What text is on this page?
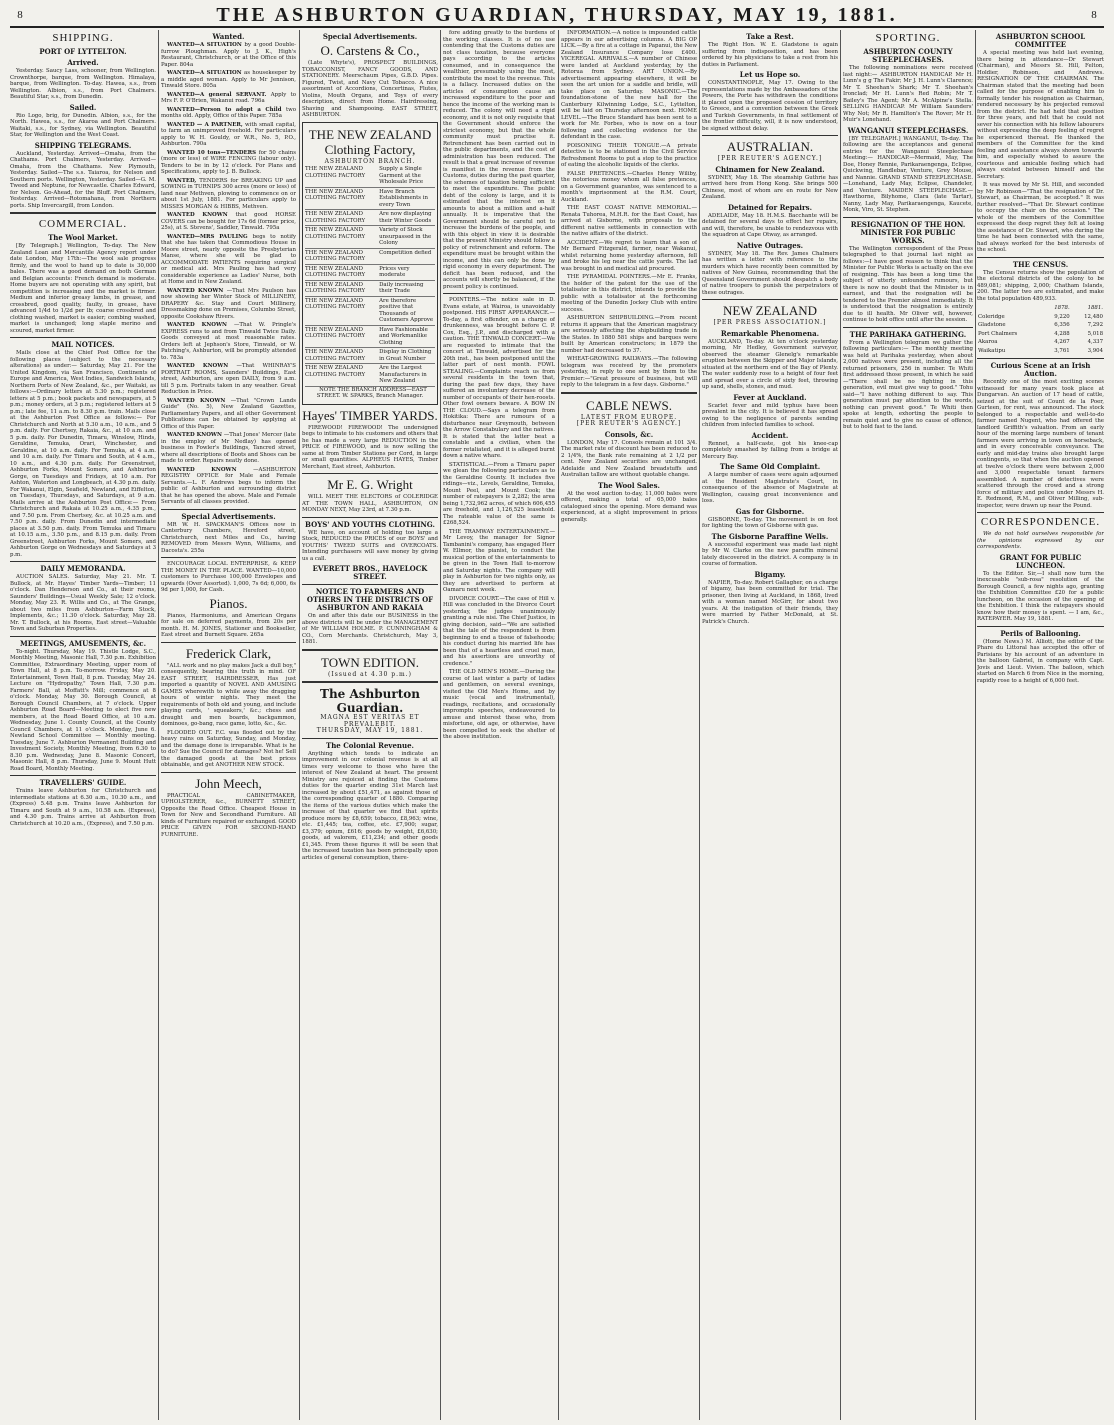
8	THE ASHBURTON GUARDIAN, THURSDAY, MAY 19, 1881.	8
SHIPPING.
PORT OF LYTTELTON.
Arrived.

Yesterday. Saucy Lass, schooner, from Wellington. Crownthorpe, barque, from Wellington. Himalaya, barque, from Wellington. To-day. Hawea, s.s., from Wellington. Albion, s.s., from Port Chalmers. Beautiful Star, s.s., from Dunedin.

Sailed.

Rio Logo, brig, for Dunedin. Albion, s.s., for the North. Hawea, s.s., for Akaroa and Port Chalmers. Waitaki, s.s., for Sydney, via Wellington. Beautiful Star, for Wellington and the West Coast.

SHIPPING TELEGRAMS.

Auckland, Yesterday. Arrived—Omaha, from the Chathams. Port Chalmers, Yesterday. Arrived—Omaha, from the Chathams. New Plymouth, Yesterday. Sailed—The s.s. Taiaroa, for Nelson and Southern ports. Wellington, Yesterday. Sailed—G. M. Tweed and Neptune, for Newcastle. Charles Edward, for Nelson. Go-Ahead, for the Bluff. Port Chalmers, Yesterday. Arrived—Rotomahana, from Northern ports. Ship Invercargill, from London.

COMMERCIAL.
The Wool Market.

[By Telegraph.] Wellington, To-day. The New Zealand Loan and Mercantile Agency report under date London, May 17th:—The wool sale progress firmly, and the wool to hand up to date is 30,000 bales. There was a good demand on both German and Belgian accounts: French demand is moderate. Home buyers are not operating with any spirit, but competition is increasing and the market is firmer. Medium and inferior greasy lambs, in grease, and crossbred, good quality, faulty, in grease, have advanced 1/4d to 1/2d per lb; coarse crossbred and clothing washed, market is easier; combing washed, market is unchanged; long staple merino and scoured, market firmer.

MAIL NOTICES.

Mails close at the Chief Post Office for the following places (subject to the necessary alterations) as under:— Saturday, May 21. For the United Kingdom, via San Francisco, Continents of Europe and America, West Indies, Sandwich Islands, Northern Ports of New Zealand, &c., per Waitaki, as follows:—Ordinary letters at 5.30 p.m.; registered letters at 5 p.m.; book packets and newspapers, at 5 p.m.; money orders, at 3 p.m.; registered letters at 5 p.m.; late fee, 11 a.m. to 8.30 p.m. train. Mails close at the Ashburton Post Office as follows:— For Christchurch and North at 5.30 a.m., 10 a.m., and 5 p.m. daily. For Chertsey, Rakaia, &c., at 10 a.m. and 5 p.m. daily. For Dunedin, Timaru, Winslow, Hinds, Geraldine, Temuka, Orari, Winchester, and Geraldine, at 10 a.m. daily. For Temuka, at 4 a.m. and 10 a.m. daily. For Timaru and South, at 4 a.m., 10 a.m., and 4.30 p.m. daily. For Greenstreet, Ashburton Forks, Mount Somers, and Ashburton Gorge, on Tuesdays and Fridays, at 10 a.m. For Ashton, Waterton and Longbeach, at 4.30 p.m. daily. For Wakanui, Elgin, Seafield, Newland, and Eiffelton, on Tuesdays, Thursdays, and Saturdays, at 9 a.m. Mails arrive at the Ashburton Post Office:— From Christchurch and Rakaia at 10.25 a.m., 4.35 p.m., and 7.50 p.m. From Chertsey, &c. at 10.25 a.m. and 7.50 p.m. daily. From Dunedin and intermediate places at 3.50 p.m. daily. From Temuka and Timaru at 10.15 a.m., 3.50 p.m., and 8.15 p.m. daily. From Greenstreet, Ashburton Forks, Mount Somers, and Ashburton Gorge on Wednesdays and Saturdays at 3 p.m.

DAILY MEMORANDA.

AUCTION SALES. Saturday, May 21. Mr. T. Bullock, at Mr. Hayes' Timber Yards—Timber; 11 o'clock. Dan Henderson and Co., at their rooms, Saunders' Buildings—Usual Weekly Sale; 12 o'clock. Monday, May 23. R. Willis and Co., at The Grange, about two miles from Ashburton—Farm Stock, Implements, &c.; 11.30 o'clock. Saturday, May 28. Mr. T. Bullock, at his Rooms, East street—Valuable Town and Suburban Properties.

MEETINGS, AMUSEMENTS, &c.

To-night. Thursday, May 19. Thistle Lodge, S.C., Monthly Meeting, Masonic Hall, 7.30 p.m. Exhibition Committee, Extraordinary Meeting, upper room of Town Hall, at 8 p.m. To-morrow. Friday, May 20. Entertainment, Town Hall, 8 p.m. Tuesday, May 24. Lecture on "Hydropathy," Town Hall, 7.30 p.m. Farmers' Ball, at Moffatt's Mill; commence at 8 o'clock. Monday, May 30. Borough Council, at Borough Council Chambers, at 7 o'clock. Upper Ashburton Road Board—Meeting to elect five new members, at the Road Board Office, at 10 a.m. Wednesday, June 1. County Council, at the County Council Chambers, at 11 o'clock. Monday, June 6. Newland School Committee — Monthly meeting. Tuesday, June 7. Ashburton Permanent Building and Investment Society, Monthly Meeting, from 6.30 to 8.30 p.m. Wednesday, June 8. Masonic Concert, Masonic Hall, 8 p.m. Thursday, June 9. Mount Hutt Road Board, Monthly Meeting.

TRAVELLERS' GUIDE.

Trains leave Ashburton for Christchurch and intermediate stations at 6.30 a.m., 10.30 a.m., and (Express) 5.48 p.m. Trains leave Ashburton for Timaru and South at 9 a.m., 10.58 a.m. (Express), and 4.30 p.m. Trains arrive at Ashburton from Christchurch at 10.20 a.m., (Express), and 7.50 p.m.

Wanted.

WANTED—A SITUATION by a good Double-furrow Ploughman. Apply to J. K., High's Restaurant, Christchurch, or at the Office of this Paper. 804a

WANTED—A SITUATION as housekeeper by a middle aged woman. Apply to Mr Jennison, Tinwald Store. 805a

WANTED—A general SERVANT. Apply to Mrs F. P. O'Brien, Wakanui road. 796a

WANTED—Person to adopt a Child two months old. Apply, Office of this Paper. 785a

WANTED — A PARTNER, with small capital, to farm an unimproved freehold. For particulars apply to W. H. Gouldy, or W.R., No. 5, P.O., Ashburton. 790a

WANTED 10 tons—TENDERS for 50 chains (more or less) of WIRE FENCING (labour only). Tenders to be in by 12 o'clock. For Plans and Specifications, apply to J. B. Bullock.

WANTED, TENDERS for BREAKING UP and SOWING in TURNIPS 300 acres (more or less) of land near Methven, plowing to commence on or about 1st July, 1881. For particulars apply to MISSES MORGAN & HIBBS, Methven.

WANTED KNOWN that good HORSE COVERS can be bought for 17s 6d (former price, 25s), at S. Stevens', Saddler, Tinwald. 795a

WANTED—MRS PAULING begs to notify that she has taken that Commodious House in Moore street, nearly opposite the Presbyterian Manse, where she will be glad to ACCOMMODATE PATIENTS requiring surgical or medical aid. Mrs Pauling has had very considerable experience as Ladies' Nurse, both at Home and in New Zealand.

WANTED KNOWN —That Mrs Paulson has now showing her Winter Stock of MILLINERY, DRAPERY &c. Stay and Court Millinery, Dressmaking done on Premises, Columbo Street, opposite Cookshaw Rivers.

WANTED KNOWN —That W. Pringle's EXPRESS runs to and from Tinwald Twice Daily. Goods conveyed at most reasonable rates. Orders left at Jephson's Store, Tinwald, or W. Patching's, Ashburton, will be promptly attended to. 783a

WANTED KNOWN —That WHINRAY'S PORTRAIT ROOMS, Saunders' Buildings, East street, Ashburton, are open DAILY, from 9 a.m. till 5 p.m. Portraits taken in any weather. Great Reduction in Price.

WANTED KNOWN —That "Crown Lands Guide" (No. 5), New Zealand Gazettes, Parliamentary Papers, and all other Government Publications can be obtained by applying at Office of this Paper.

WANTED KNOWN —That Jones' Mercer (late in the employ of Mr Nedlay) has opened business in Fowler's Buildings, Tancred street, where all descriptions of Boots and Shoes can be made to order. Repairs neatly done.

WANTED KNOWN —ASHBURTON REGISTRY OFFICE for Male and Female Servants.—L. F. Andrews begs to inform the public of Ashburton and surrounding district that he has opened the above. Male and Female Servants of all classes provided.

Special Advertisements.

MR W. H. SPACKMAN'S Offices now in Canterbury Chambers, Hereford street, Christchurch, next Miles and Co., having REMOVED from Messrs Wynn, Williams, and Dacosta's. 255a

ENCOURAGE LOCAL ENTERPRISE, & KEEP THE MONEY IN THE PLACE. WANTED—10,000 customers to Purchase 100,000 Envelopes and upwards (Over Assorted). 1,000, 7s 6d; 6,000, 6s 9d per 1,000, for Cash.

Pianos.

Pianos, Harmoniums, and American Organs for sale on deferred payments, from 20s per month. H. M. JONES, Stationer and Bookseller, East street and Burnett Square. 265a

Frederick Clark,

"ALL work and no play makes Jack a dull boy," consequently, bearing this truth in mind. OF EAST STREET, HAIRDRESSER, Has just imported a quantity of NOVEL AND AMUSING GAMES wherewith to while away the dragging hours of winter nights. They meet the requirements of both old and young, and include playing cards, ' squeakers,' &c.; chess and draught and men boards, backgammon, dominoes, go-bang, race game, lotto, &c., &c.

FLOODED OUT. F.C. was flooded out by the heavy rains on Saturday, Sunday, and Monday, and the damage done is irreparable. What is he to do? Sue the Council for damages? Not he! Sell the damaged goods at the best prices obtainable, and get ANOTHER NEW STOCK.

John Meech,

PRACTICAL CABINETMAKER, UPHOLSTERER, &c., BURNETT STREET, Opposite the Road Office. Cheapest House in Town for New and Secondhand Furniture. All kinds of Furniture repaired or exchanged. GOOD PRICE GIVEN FOR SECOND-HAND FURNITURE.

Special Advertisements.
O. Carstens & Co.,

(Late Whyte's), PROSPECT BUILDINGS, TOBACCONIST, FANCY GOODS, AND STATIONERY. Meerschaum Pipes, G.B.D. Pipes. Figured, Twist, and Navy Cut Tobacco. A nice assortment of Accordions, Concertinas, Flutes, Violins, Mouth Organs, and Toys of every description, direct from Home. Hairdressing, Shaving and Shampooing. EAST STREET, ASHBURTON.

THE NEW ZEALAND Clothing Factory,
ASHBURTON BRANCH.
THE NEW ZEALAND CLOTHING FACTORY
Supply a Single Garment at the Wholesale Price
THE NEW ZEALAND CLOTHING FACTORY
Have Branch Establishments in every Town
THE NEW ZEALAND CLOTHING FACTORY
Are now displaying their Winter Goods
THE NEW ZEALAND CLOTHING FACTORY
Variety of Stock unsurpassed in the Colony
THE NEW ZEALAND CLOTHING FACTORY
Competition defied
THE NEW ZEALAND CLOTHING FACTORY
Prices very moderate
THE NEW ZEALAND CLOTHING FACTORY
Daily increasing their Trade
THE NEW ZEALAND CLOTHING FACTORY
Are therefore positive that Thousands of Customers Approve
THE NEW ZEALAND CLOTHING FACTORY
Have Fashionable and Workmanlike Clothing
THE NEW ZEALAND CLOTHING FACTORY
Display in Clothing in Great Number
THE NEW ZEALAND CLOTHING FACTORY
Are the Largest Manufacturers in New Zealand

NOTE THE BRANCH ADDRESS—EAST STREET. W. SPARKS, Branch Manager.

Hayes' TIMBER YARDS.

FIREWOOD! FIREWOOD! The undersigned begs to intimate to his customers and others that he has made a very large REDUCTION in the PRICE of FIREWOOD, and is now selling the same at from Timber Stations per Cord, in large or small quantities. ALPHEUS HAYES, Timber Merchant, East street, Ashburton.

Mr E. G. Wright

WILL MEET THE ELECTORS of COLERIDGE AT THE TOWN HALL, ASHBURTON, ON MONDAY NEXT, May 23rd, at 7.30 p.m.

BOYS' AND YOUTHS CLOTHING.

WE have, on account of holding too large a Stock, REDUCED the PRICES of our BOYS' and YOUTHS' TWEED SUITS and OVERCOATS. Intending purchasers will save money by giving us a call.

EVERETT BROS., HAVELOCK STREET.
NOTICE TO FARMERS AND OTHERS IN THE DISTRICTS OF ASHBURTON AND RAKAIA

On and after this date our BUSINESS in the above districts will be under the MANAGEMENT of Mr WILLIAM HOLME. P. CUNNINGHAM & CO., Corn Merchants. Christchurch, May 3, 1881.

TOWN EDITION.
(Issued at 4.30 p.m.)
The Ashburton Guardian.
MAGNA EST VERITAS ET PREVALEBIT.
THURSDAY, MAY 19, 1881.
The Colonial Revenue.

Anything which tends to indicate an improvement in our colonial revenue is at all times very welcome to those who have the interest of New Zealand at heart. The present Ministry are rejoiced at finding the Customs duties for the quarter ending 31st March last increased by about £51,471, as against those of the corresponding quarter of 1880. Comparing the items of the various duties which make the increase of that quarter we find that spirits produce more by £8,659; tobacco, £8,963; wine, etc. £1,445; tea, coffee, etc. £7,900; sugar, £3,379; opium, £616; goods by weight, £6,630; goods, ad valorem, £11,234; and other goods £1,345. From these figures it will be seen that the increased taxation has been principally upon articles of general consumption, there-

fore adding greatly to the burdens of the working classes. It is of no use contending that the Customs duties are not class taxation, because everyone pays according to the articles consumed, and in consequence the wealthier, presumably using the most, contribute the most to the revenue. This is a fallacy. Increased duties on the articles of consumption cause an increased expenditure to the poor and hence the income of the working man is reduced. The colony will need a rigid economy, and it is not only requisite that the Government should enforce the strictest economy, but that the whole community must practise it. Retrenchment has been carried out in the public departments, and the cost of administration has been reduced. The result is that a great increase of revenue is manifest in the revenue from the Customs, duties during the past quarter, the schemes of taxation being sufficient to meet the expenditure. The public debt of the colony is large, and it is estimated that the interest on it amounts to about a million and a-half annually. It is imperative that the Government should be careful not to increase the burdens of the people, and with this object in view it is desirable that the present Ministry should follow a policy of retrenchment and reform. The expenditure must be brought within the income, and this can only be done by rigid economy in every department. The deficit has been reduced, and the accounts will shortly be balanced, if the present policy is continued.

POINTERS.—The notice sale in D. Evans estate, at Wairoa, is unavoidably postponed. HIS FIRST APPEARANCE.—To-day, a first offender, on a charge of drunkenness, was brought before C. P. Cox, Esq., J.P., and discharged with a caution. THE TINWALD CONCERT.—We are requested to intimate that the concert at Tinwald, advertised for the 20th inst., has been postponed until the latter part of next month. FOWL STEALING.—Complaints reach us from several residents in the town that, during the past few days, they have suffered an involuntary decrease of the number of occupants of their hen-roosts. Other fowl owners beware. A BOW IN THE CLOUD.—Says a telegram from Hokitika: There are rumours of a disturbance near Greymouth, between the Arrow Constabulary and the natives. It is stated that the latter beat a constable and a civilian, when the former retaliated, and it is alleged burnt down a native whare.

STATISTICAL.—From a Timaru paper we glean the following particulars as to the Geraldine County. It includes five ridings—viz., Levels, Geraldine, Temuka, Mount Peel, and Mount Cook; the number of ratepayers is 2,282; the area being 1,732,962 acres, of which 606,455 are freehold, and 1,126,525 leasehold. The rateable value of the same is £268,524.

THE TRAMWAY ENTERTAINMENT.—Mr Levoy, the manager for Signor Tambanini's company, has engaged Herr W. Ellmor, the pianist, to conduct the musical portion of the entertainments to be given in the Town Hall to-morrow and Saturday nights. The company will play in Ashburton for two nights only, as they are advertised to perform at Oamaru next week.

DIVORCE COURT.—The case of Hill v. Hill was concluded in the Divorce Court yesterday, the judges unanimously granting a rule nisi. The Chief Justice, in giving decision, said—"We are satisfied that the tale of the respondent is from beginning to end a tissue of falsehoods; his conduct during his married life has been that of a heartless and cruel man, and his assertions are unworthy of credence."

THE OLD MEN'S HOME.—During the course of last winter a party of ladies and gentlemen, on several evenings, visited the Old Men's Home, and by music (vocal and instrumental), readings, recitations, and occasionally impromptu speeches, endeavoured to amuse and interest these who, from misfortune, old age, or otherwise, have been compelled to seek the shelter of the above institution.

INFORMATION.—A notice is impounded cattle appears in our advertising columns. A BIG OP LICK.—By a fire at a cottage in Papanui, the New Zealand Insurance Company lose £400. VICEREGAL ARRIVALS.—A number of Chinese were landed at Auckland yesterday, by the Rotorua from Sydney. ART UNION.—By advertisement appearing elsewhere, it will be seen the art union for a saddle and bridle, will take place on Saturday. MASONIC.—The foundation-stone of the new hall for the Canterbury Kilwinning Lodge, S.C., Lyttelton, will be laid on Thursday afternoon next. HOME LEVEL.—The Bruce Standard has been sent to a work for Mr. Forbes, who is now on a tour following and collecting evidence for the defendant in the case.

POISONING THEIR TONGUE.—A private detective is to be stationed in the Civil Service Refreshment Rooms to put a stop to the practice of eating the alcoholic liquids of the clerks.

FALSE PRETENCES.—Charles Henry Wiliby, the notorious money whom all false pretences, on a Government guarantee, was sentenced to a month's imprisonment at the R.M. Court, Auckland.

THE EAST COAST NATIVE MEMORIAL.—Renata Tuhorea, M.H.R. for the East Coast, has arrived at Gisborne, with proposals to the different native settlements in connection with the native affairs of the district.

ACCIDENT.—We regret to learn that a son of Mr Bernard Fitzgerald, farmer, near Wakanui, whilst returning home yesterday afternoon, fell and broke his leg near the cattle yards. The lad was brought in and medical aid procured.

THE PYRAMIDAL POINTERS.—Mr E. Franks, the holder of the patent for the use of the totalisator in this district, intends to provide the public with a totalisator at the forthcoming meeting of the Dunedin Jockey Club with entire success.

ASHBURTON SHIPBUILDING.—From recent returns it appears that the American magistracy are seriously affecting the shipbuilding trade in the States. In 1880 581 ships and barques were built by American constructors; in 1879 the number had decreased to 37.

WHEAT-GROWING RAILWAYS.—The following telegram was received by the promoters yesterday, in reply to one sent by them to the Premier:—"Great pressure of business, but will reply to the telegram in a few days. Gisborne."

CABLE NEWS.
LATEST FROM EUROPE.
[PER REUTER'S AGENCY.]
Consols, &c.

LONDON, May 17. Consols remain at 101 3/4. The market rate of discount has been reduced to 2 1/4%, the Bank rate remaining at 2 1/2 per cent. New Zealand securities are unchanged. Adelaide and New Zealand breadstuffs and Australian tallow are without quotable change.

The Wool Sales.

At the wool auction to-day, 11,000 bales were offered, making a total of 65,000 bales catalogued since the opening. More demand was experienced, at a slight improvement in prices generally.

Take a Rest.

The Right Hon. W. E. Gladstone is again suffering from indisposition, and has been ordered by his physicians to take a rest from his duties in Parliament.

Let us Hope so.

CONSTANTINOPLE, May 17. Owing to the representations made by the Ambassadors of the Powers, the Porte has withdrawn the conditions it placed upon the proposed cession of territory to Greece, and a convention between the Greek and Turkish Governments, in final settlement of the frontier difficulty, will, it is now understood, be signed without delay.

AUSTRALIAN.
[PER REUTER'S AGENCY.]
Chinamen for New Zealand.

SYDNEY, May 18. The steamship Guthrie has arrived here from Hong Kong. She brings 500 Chinese, most of whom are en route for New Zealand.

Detained for Repairs.

ADELAIDE, May 18. H.M.S. Bacchante will be detained for several days to effect her repairs, and will, therefore, be unable to rendezvous with the squadron at Cape Otway, as arranged.

Native Outrages.

SYDNEY, May 18. The Rev. James Chalmers has written a letter with reference to the murders which have recently been committed by natives of New Guinea, recommending that the Queensland Government should despatch a body of native troopers to punish the perpetrators of these outrages.

NEW ZEALAND
[PER PRESS ASSOCIATION.]
Remarkable Phenomena.

AUCKLAND, To-day. At ten o'clock yesterday morning, Mr Hedley, Government surveyor, observed the steamer Glenelg's remarkable eruption between the Skipper and Major Islands, situated at the northern end of the Bay of Plenty. The water suddenly rose to a height of four feet and spread over a circle of sixty feet, throwing up sand, shells, stones, and mud.

Fever at Auckland.

Scarlet fever and mild typhus have been prevalent in the city. It is believed it has spread owing to the negligence of parents sending children from infected families to school.

Accident.

Rennet, a half-caste, got his knee-cap completely smashed by falling from a bridge at Mercury Bay.

The Same Old Complaint.

A large number of cases were again adjourned at the Resident Magistrate's Court, in consequence of the absence of Magistrate at Wellington, causing great inconvenience and loss.

Gas for Gisborne.

GISBORNE, To-day. The movement is on foot for lighting the town of Gisborne with gas.

The Gisborne Paraffine Wells.

A successful experiment was made last night by Mr W. Clarke on the new paraffin mineral lately discovered in the district. A company is in course of formation.

Bigamy.

NAPIER, To-day. Robert Gallagher, on a charge of bigamy, has been committed for trial. The prisoner, then living at Auckland, in 1868, lived with a woman named McGirr, for about two years. At the instigation of their friends, they were married by Father McDonald, at St. Patrick's Church.

SPORTING.
ASHBURTON COUNTY STEEPLECHASES.

The following nominations were received last night:— ASHBURTON HANDICAP. Mr H. Lunn's g g The Fakir; Mr J. H. Lunn's Clarence; Mr T. Sheehan's Shark; Mr T. Sheehan's Ironclad; Mr H. Lunn's Red Robin; Mr T. Bailey's The Agent; Mr A. McAlpine's Stella. SELLING HANDICAP. Mr William Saunders' Why Not; Mr R. Hamilton's The Rover; Mr H. Muir's Lonehand.

WANGANUI STEEPLECHASES.

[BY TELEGRAPH.] WANGANUI, To-day. The following are the acceptances and general entries for the Wanganui Steeplechase Meeting:— HANDICAP.—Mermaid, May, The Doe, Honey Rennie, Parikaraengenga, Eclipse, Quickwing, Handlebar, Venture, Grey Mouse, and Nannie. GRAND STAND STEEPLECHASE.—Lonehand, Lady May, Eclipse, Chandeler, and Venture. MAIDEN STEEPLECHASE.—Hawthorne, Bilyhome, Clara (late Tartar), Nanny, Lady May, Parikaraengenga, Kaucete, Monk, Viro, St. Stephen.

RESIGNATION OF THE HON. MINISTER FOR PUBLIC WORKS.

The Wellington correspondent of the Press telegraphed to that journal last night as follows:—I have good reason to think that the Minister for Public Works is actually on the eve of resigning. This has been a long time the subject of utterly unfounded rumours, but there is now no doubt that the Minister is in earnest, and that the resignation will be tendered to the Premier almost immediately. It is understood that the resignation is entirely due to ill health. Mr Oliver will, however, continue to hold office until after the session.

THE PARIHAKA GATHERING.

From a Wellington telegram we gather the following particulars:— The monthly meeting was held at Parihaka yesterday, when about 2,000 natives were present, including all the returned prisoners, 256 in number. Te Whiti first addressed those present, in which he said—"There shall be no fighting in this generation, evil must give way to good." Tohu said—"I have nothing different to say. This generation must pay attention to the words, nothing can prevent good." Te Whiti then spoke at length, exhorting the people to remain quiet and to give no cause of offence, but to hold fast to the land.

ASHBURTON SCHOOL COMMITTEE

A special meeting was held last evening, there being in attendance—Dr Stewart (Chairman), and Messrs St. Hill, Felton, Holdier, Robinson, and Andrews. RESIGNATION OF THE CHAIRMAN. The Chairman stated that the meeting had been called for the purpose of enabling him to formally tender his resignation as Chairman, rendered necessary by his projected removal from the district. He had held that position for three years, and felt that he could not sever his connection with his fellow labourers without expressing the deep feeling of regret he experienced thereat. He thanked the members of the Committee for the kind feeling and assistance always shown towards him, and especially wished to assure the courteous and amicable feeling which had always existed between himself and the Secretary.

It was moved by Mr St. Hill, and seconded by Mr Robinson—"That the resignation of Dr. Stewart, as Chairman, be accepted." It was further resolved—"That Dr. Stewart continue to occupy the chair on the occasion." The whole of the members of the Committee expressed the deep regret they felt at losing the assistance of Dr. Stewart, who during the time he had been connected with the same, had always worked for the best interests of the school.

THE CENSUS.

The Census returns show the population of the electoral districts of the colony to be 489,081; shipping, 2,000; Chatham Islands, 200. The latter two are estimated, and make the total population 489,933.

	1878.	1881.
Coleridge	9,220	12,480
Gladstone	6,356	7,292
Port Chalmers	4,288	5,018
Akaroa	4,267	4,337
Waikatipu	3,761	3,904
Curious Scene at an Irish Auction.

Recently one of the most exciting scenes witnessed for many years took place at Dungarvan. An auction of 17 head of cattle, seized at the suit of Count de la Poer, Gurteen, for rent, was announced. The stock belonged to a respectable and well-to-do farmer named Nugent, who had offered the landlord Griffith's valuation. From an early hour of the morning large numbers of tenant farmers were arriving in town on horseback, and in every conceivable conveyance. The early and mid-day trains also brought large contingents, so that when the auction opened at twelve o'clock there were between 2,000 and 3,000 respectable tenant farmers assembled. A number of detectives were scattered through the crowd and a strong force of military and police under Messrs H. E. Redmond, R.M., and Oliver Milling, sub-inspector, were drawn up near the Pound.

CORRESPONDENCE.

We do not hold ourselves responsible for the opinions expressed by our correspondents.

GRANT FOR PUBLIC LUNCHEON.

To the Editor. Sir,—I shall now turn the inexcusable "sub-rosa" resolution of the Borough Council, a few nights ago, granting the Exhibition Committee £20 for a public luncheon, on the occasion of the opening of the Exhibition. I think the ratepayers should know how their money is spent. — I am, &c., RATEPAYER. May 19, 1881.

Perils of Ballooning.

(Home News.) M. Alliott, the editor of the Phare du Littoral has accepted the offer of Parisians by his account of an adventure in the balloon Gabriel, in company with Capt. Jovis and Lieut. Vivien. The balloon, which started on March 6 from Nice in the morning, rapidly rose to a height of 6,000 feet.
